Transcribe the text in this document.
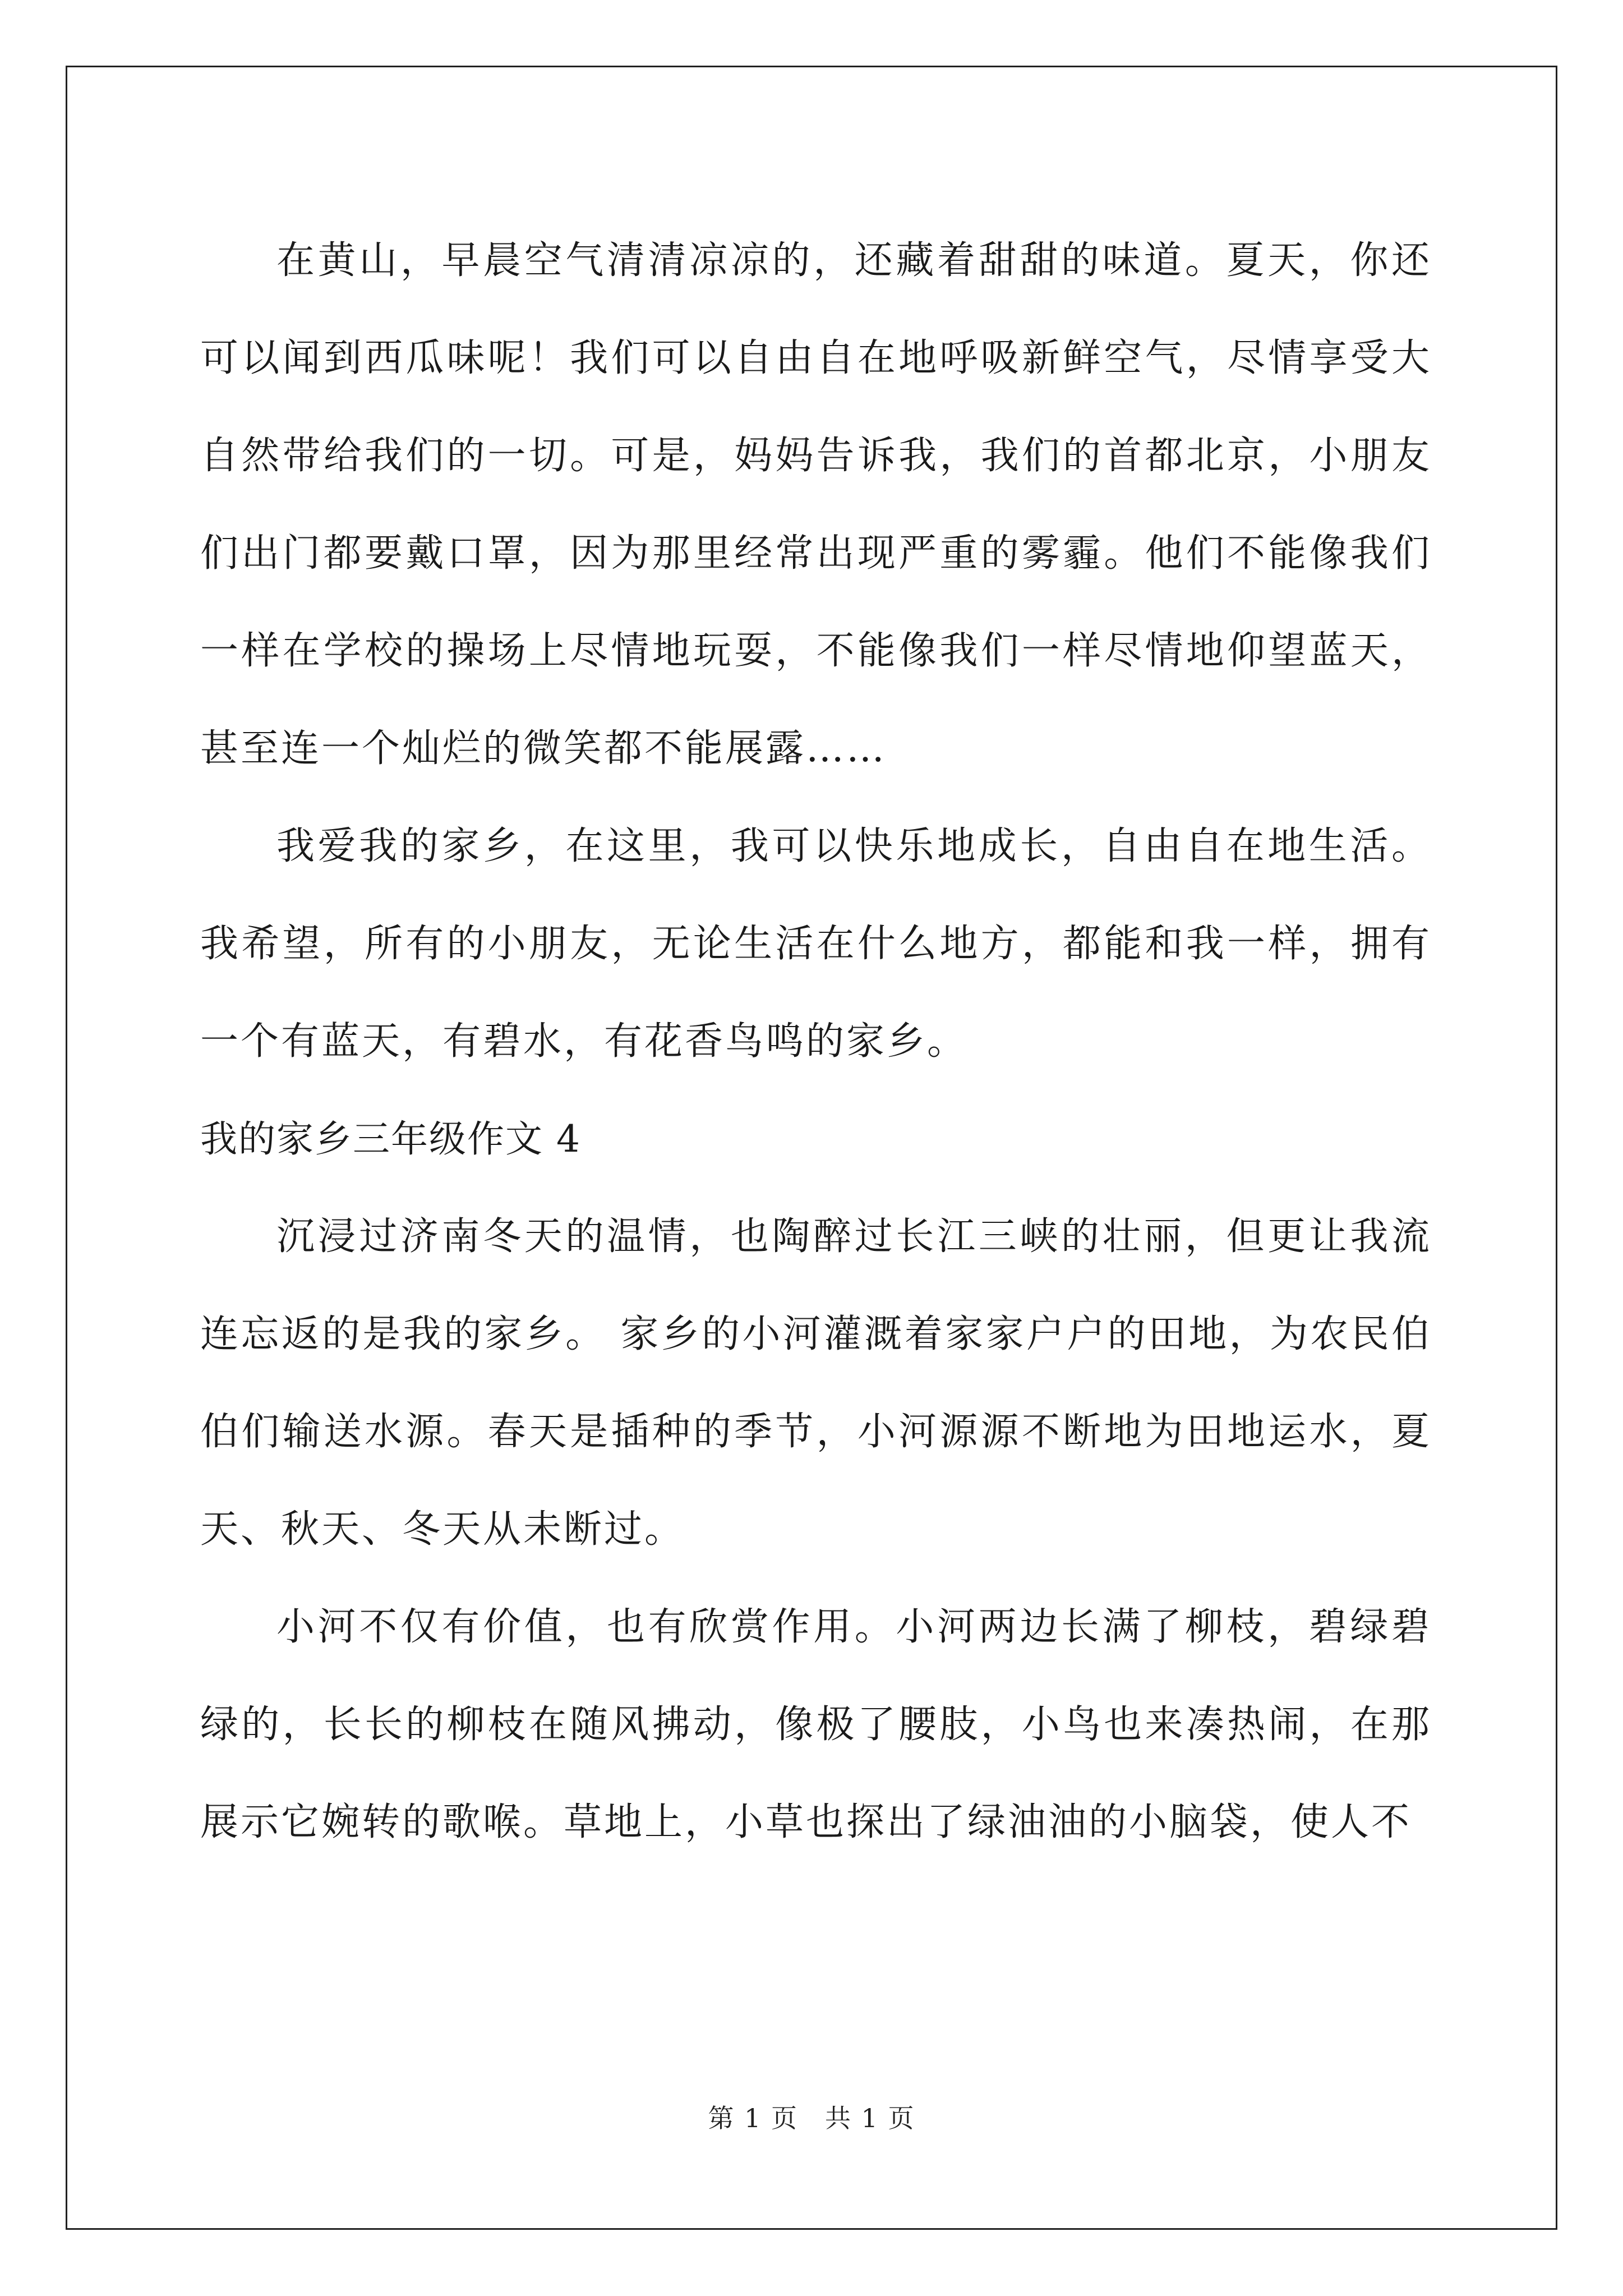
在黄山，早晨空气清清凉凉的，还藏着甜甜的味道。夏天，你还可以闻到西瓜味呢！我们可以自由自在地呼吸新鲜空气，尽情享受大自然带给我们的一切。可是，妈妈告诉我，我们的首都北京，小朋友们出门都要戴口罩，因为那里经常出现严重的雾霾。他们不能像我们一样在学校的操场上尽情地玩耍，不能像我们一样尽情地仰望蓝天，甚至连一个灿烂的微笑都不能展露……

我爱我的家乡，在这里，我可以快乐地成长，自由自在地生活。我希望，所有的小朋友，无论生活在什么地方，都能和我一样，拥有一个有蓝天，有碧水，有花香鸟鸣的家乡。

我的家乡三年级作文 4

沉浸过济南冬天的温情，也陶醉过长江三峡的壮丽，但更让我流连忘返的是我的家乡。 家乡的小河灌溉着家家户户的田地，为农民伯伯们输送水源。春天是插种的季节，小河源源不断地为田地运水，夏天、秋天、冬天从未断过。

小河不仅有价值，也有欣赏作用。小河两边长满了柳枝，碧绿碧绿的，长长的柳枝在随风拂动，像极了腰肢，小鸟也来凑热闹，在那展示它婉转的歌喉。草地上，小草也探出了绿油油的小脑袋，使人不

第 1 页 共 1 页
